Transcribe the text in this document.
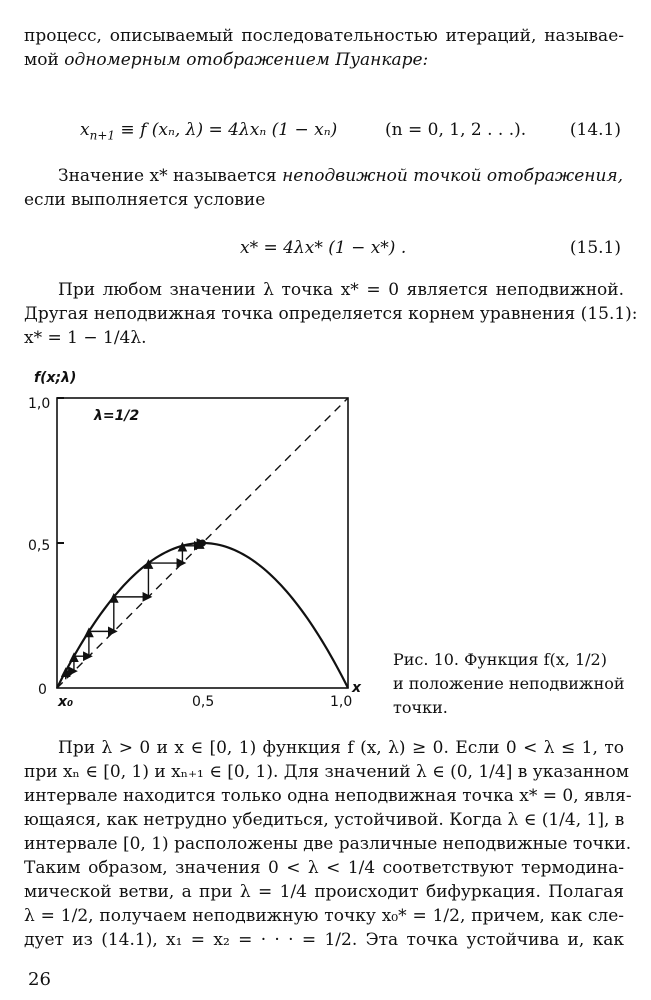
процесс, описываемый последовательностью итераций, называе-
мой одномерным отображением Пуанкаре:
$x_{n+1} \equiv f$ (xₙ, λ) = 4λxₙ (1 − xₙ)	(n = 0, 1, 2 . . .).	(14.1)
Значение x* называется неподвижной точкой отображения,
если выполняется условие
x* = 4λx* (1 − x*) .	(15.1)
При любом значении λ точка x* = 0 является неподвижной.
Другая неподвижная точка определяется корнем уравнения (15.1):
x* = 1 − 1/4λ.
f(x;λ)
λ=1/2
1,0
0,5
0
x₀	0,5	1,0
x
Рис. 10. Функция f(x, 1/2)
и положение неподвижной
точки.
При λ > 0 и x ∈ [0, 1) функция f (x, λ) ≥ 0. Если 0 < λ ≤ 1, то
при xₙ ∈ [0, 1) и xₙ₊₁ ∈ [0, 1). Для значений λ ∈ (0, 1/4] в указанном
интервале находится только одна неподвижная точка x* = 0, явля-
ющаяся, как нетрудно убедиться, устойчивой. Когда λ ∈ (1/4, 1], в
интервале [0, 1) расположены две различные неподвижные точки.
Таким образом, значения 0 < λ < 1/4 соответствуют термодина-
мической ветви, а при λ = 1/4 происходит бифуркация. Полагая
λ = 1/2, получаем неподвижную точку x₀* = 1/2, причем, как сле-
дует из (14.1), x₁ = x₂ = · · · = 1/2. Эта точка устойчива и, как
26
